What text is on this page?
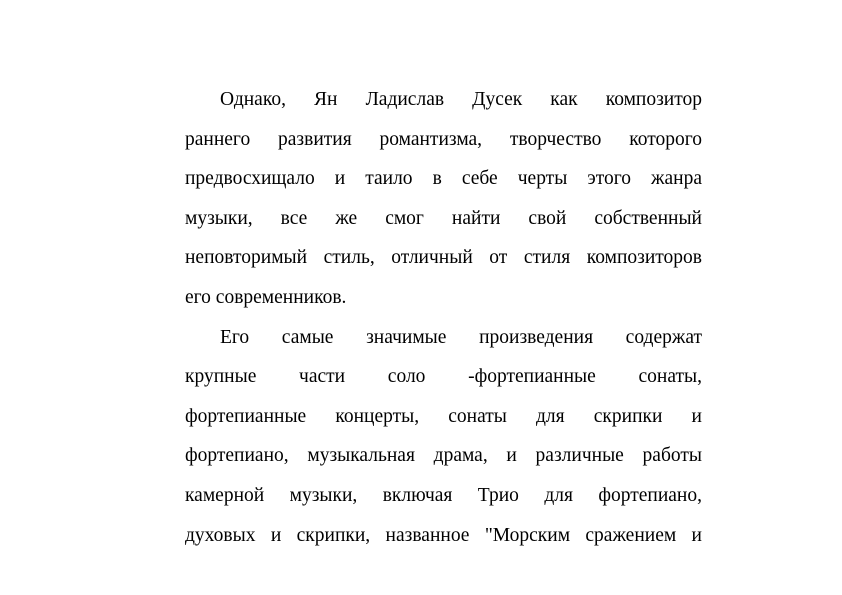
Однако, Ян Ладислав Дусек как композитор
раннего развития романтизма, творчество которого
предвосхищало и таило в себе черты этого жанра
музыки, все же смог найти свой собственный
неповторимый стиль, отличный от стиля композиторов
его современников.
Его самые значимые произведения содержат
крупные части соло -фортепианные сонаты,
фортепианные концерты, сонаты для скрипки и
фортепиано, музыкальная драма, и различные работы
камерной музыки, включая Трио для фортепиано,
духовых и скрипки, названное "Морским сражением и
